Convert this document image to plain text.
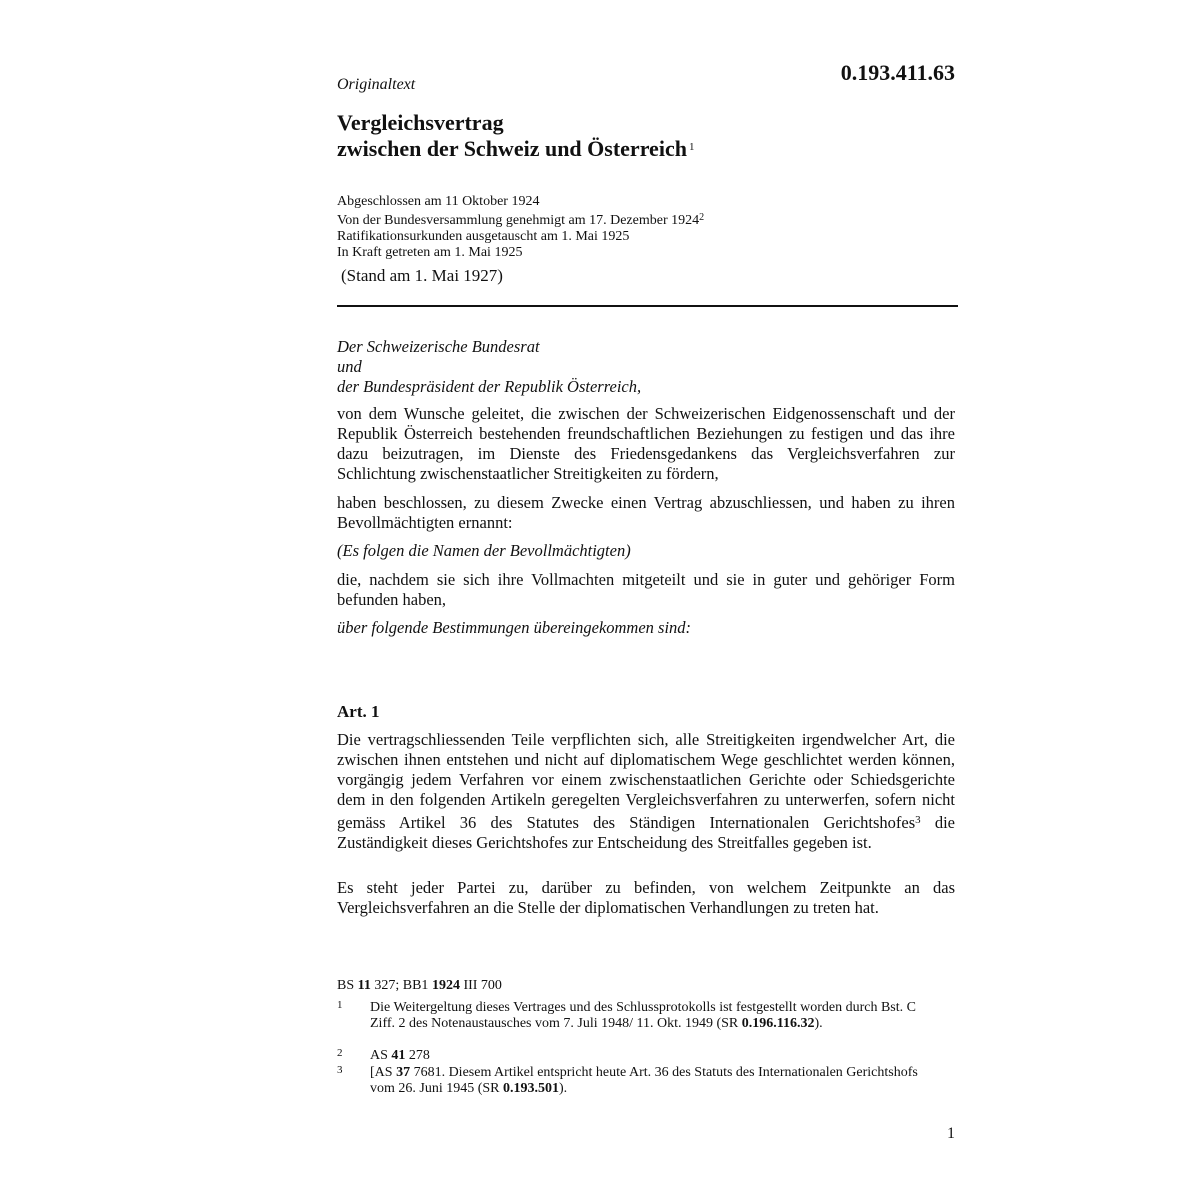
0.193.411.63
Originaltext
Vergleichsvertrag
zwischen der Schweiz und Österreich $^1$
Abgeschlossen am 11 Oktober 1924
Von der Bundesversammlung genehmigt am 17. Dezember 1924$^2$
Ratifikationsurkunden ausgetauscht am 1. Mai 1925
In Kraft getreten am 1. Mai 1925
(Stand am 1. Mai 1927)
Der Schweizerische Bundesrat
und
der Bundespräsident der Republik Österreich,
von dem Wunsche geleitet, die zwischen der Schweizerischen Eidgenossenschaft und der Republik Österreich bestehenden freundschaftlichen Beziehungen zu festigen und das ihre dazu beizutragen, im Dienste des Friedensgedankens das Vergleichsverfahren zur Schlichtung zwischenstaatlicher Streitigkeiten zu fördern,
haben beschlossen, zu diesem Zwecke einen Vertrag abzuschliessen, und haben zu ihren Bevollmächtigten ernannt:
(Es folgen die Namen der Bevollmächtigten)
die, nachdem sie sich ihre Vollmachten mitgeteilt und sie in guter und gehöriger Form befunden haben,
über folgende Bestimmungen übereingekommen sind:
Art. 1
Die vertragschliessenden Teile verpflichten sich, alle Streitigkeiten irgendwelcher Art, die zwischen ihnen entstehen und nicht auf diplomatischem Wege geschlichtet werden können, vorgängig jedem Verfahren vor einem zwischenstaatlichen Gerichte oder Schiedsgerichte dem in den folgenden Artikeln geregelten Vergleichsverfahren zu unterwerfen, sofern nicht gemäss Artikel 36 des Statutes des Ständigen Internationalen Gerichtshofes$^3$ die Zuständigkeit dieses Gerichtshofes zur Entscheidung des Streitfalles gegeben ist.
Es steht jeder Partei zu, darüber zu befinden, von welchem Zeitpunkte an das Vergleichsverfahren an die Stelle der diplomatischen Verhandlungen zu treten hat.
BS 11 327; BB1 1924 III 700
1 Die Weitergeltung dieses Vertrages und des Schlussprotokolls ist festgestellt worden durch Bst. C Ziff. 2 des Notenaustausches vom 7. Juli 1948/ 11. Okt. 1949 (SR 0.196.116.32).
2 AS 41 278
3 [AS 37 7681. Diesem Artikel entspricht heute Art. 36 des Statuts des Internationalen Gerichtshofs vom 26. Juni 1945 (SR 0.193.501).
1
